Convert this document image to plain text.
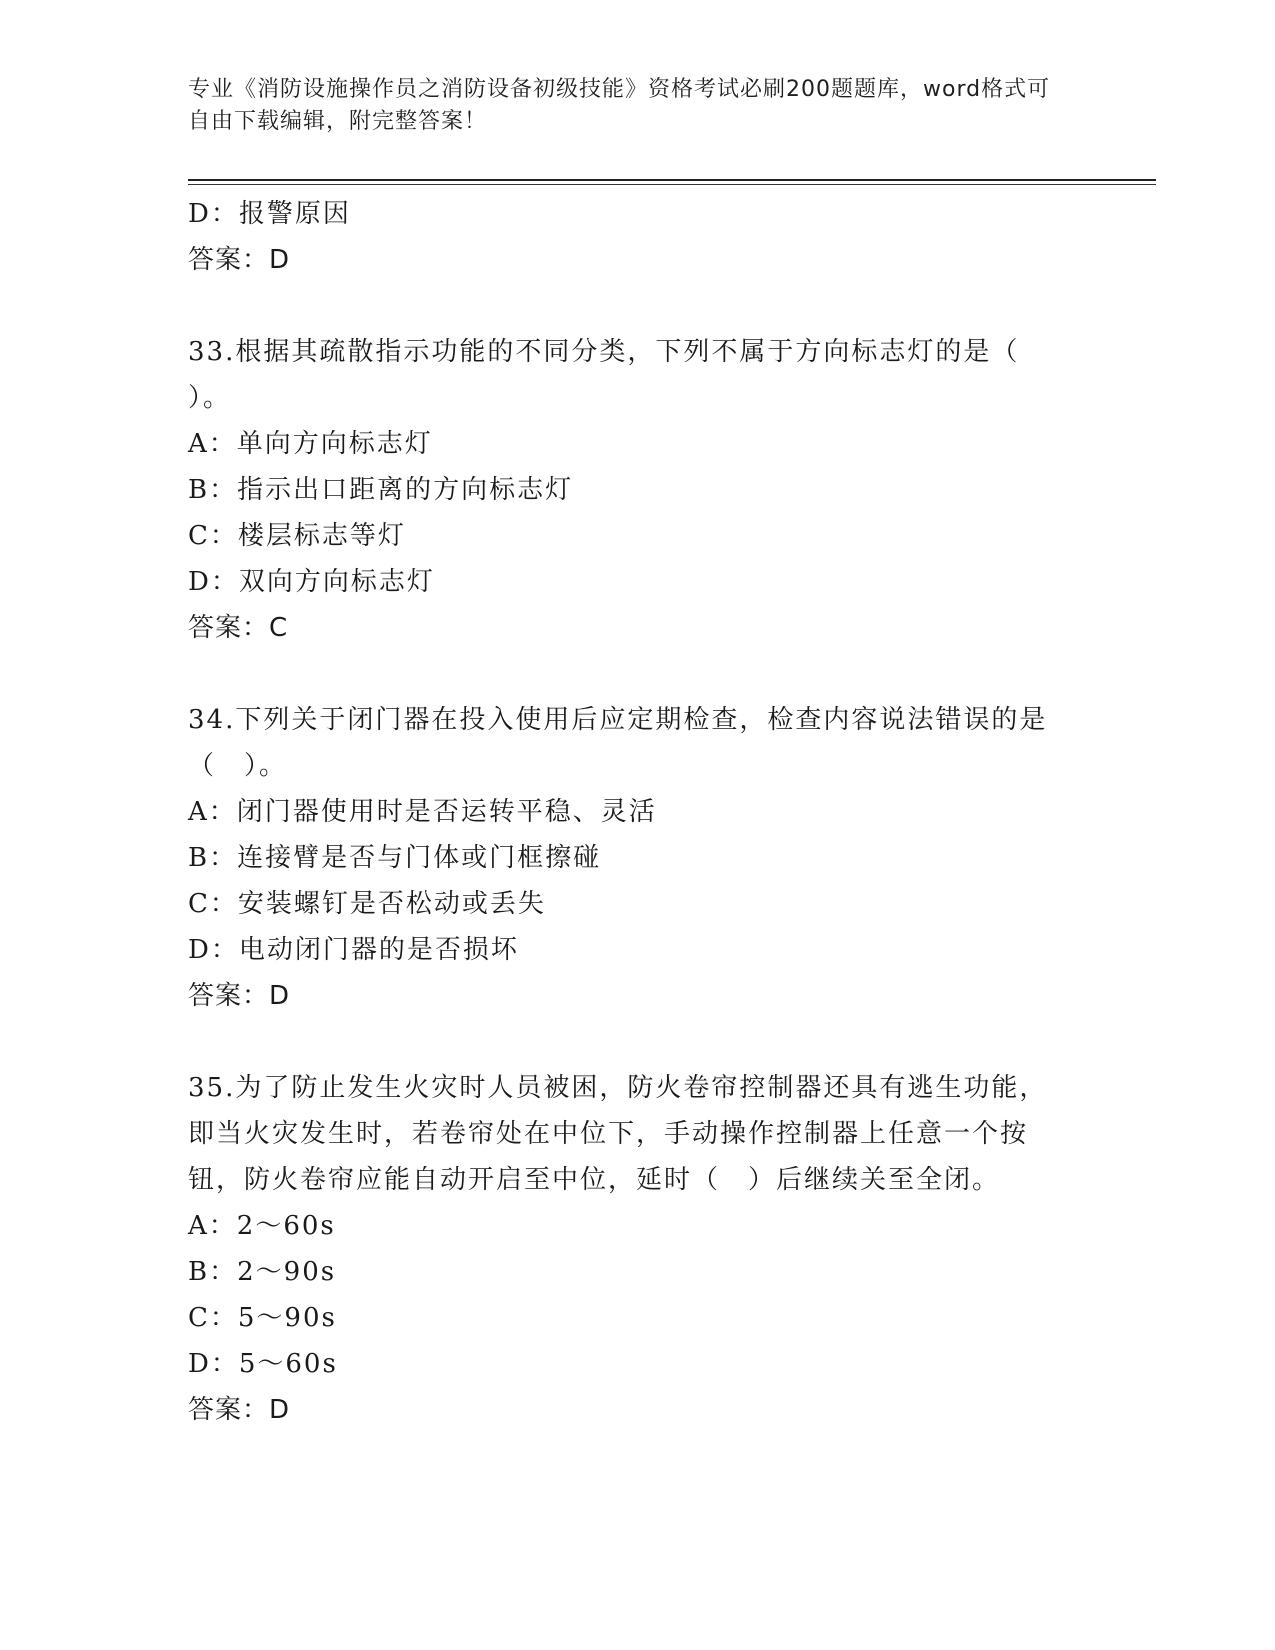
专业《消防设施操作员之消防设备初级技能》资格考试必刷200题题库，word格式可自由下载编辑，附完整答案！
D：报警原因
答案：D
33.根据其疏散指示功能的不同分类，下列不属于方向标志灯的是（
）。
A：单向方向标志灯
B：指示出口距离的方向标志灯
C：楼层标志等灯
D：双向方向标志灯
答案：C
34.下列关于闭门器在投入使用后应定期检查，检查内容说法错误的是
（　）。
A：闭门器使用时是否运转平稳、灵活
B：连接臂是否与门体或门框擦碰
C：安装螺钉是否松动或丢失
D：电动闭门器的是否损坏
答案：D
35.为了防止发生火灾时人员被困，防火卷帘控制器还具有逃生功能，
即当火灾发生时，若卷帘处在中位下，手动操作控制器上任意一个按
钮，防火卷帘应能自动开启至中位，延时（　）后继续关至全闭。
A：2～60s
B：2～90s
C：5～90s
D：5～60s
答案：D
